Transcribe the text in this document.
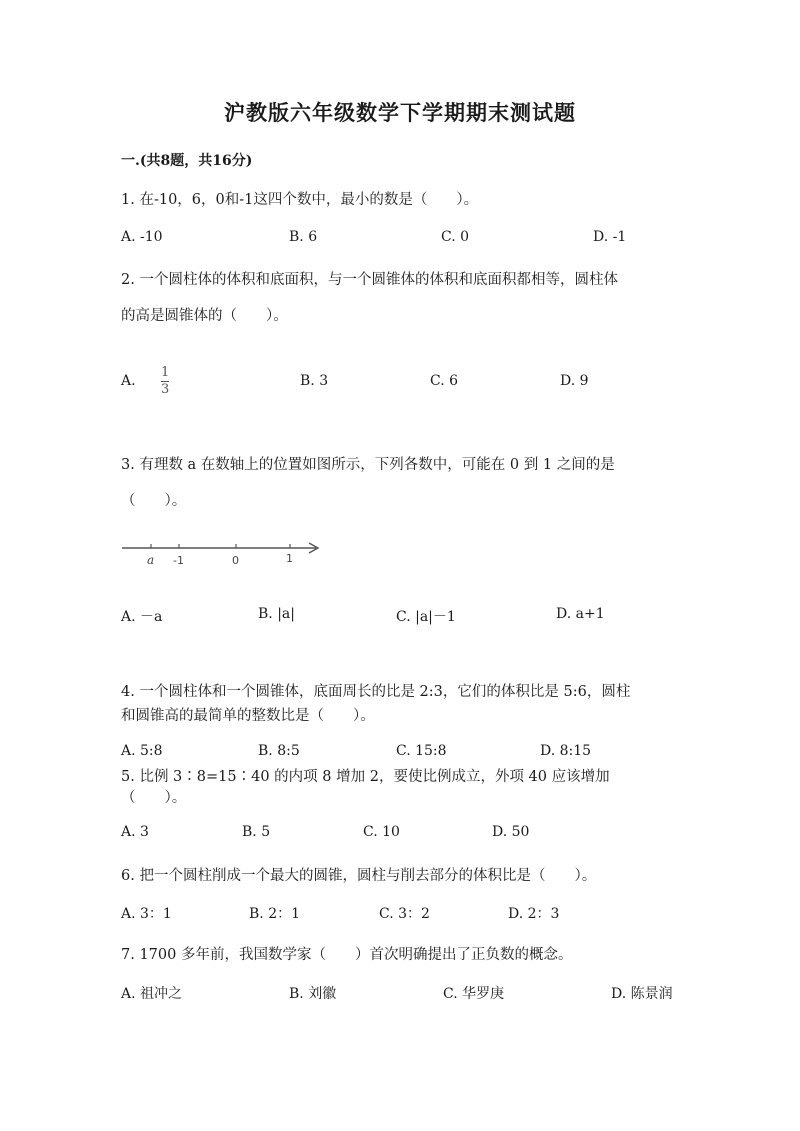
沪教版六年级数学下学期期末测试题
一.(共8题，共16分)
1. 在-10，6，0和-1这四个数中，最小的数是（　　）。
A. -10	B. 6	C. 0	D. -1
2. 一个圆柱体的体积和底面积，与一个圆锥体的体积和底面积都相等，圆柱体
的高是圆锥体的（　　）。
A.
1
3
B. 3	C. 6	D. 9
3. 有理数 a 在数轴上的位置如图所示，下列各数中，可能在 0 到 1 之间的是
（　　）。
a -1	0	1
A. －a	B. |a|	C. |a|－1	D. a+1
4. 一个圆柱体和一个圆锥体，底面周长的比是 2:3，它们的体积比是 5:6，圆柱
和圆锥高的最简单的整数比是（　　）。
A. 5:8	B. 8:5	C. 15:8	D. 8:15
5. 比例 3∶8=15∶40 的内项 8 增加 2，要使比例成立，外项 40 应该增加
（　　）。
A. 3	B. 5	C. 10	D. 50
6. 把一个圆柱削成一个最大的圆锥，圆柱与削去部分的体积比是（　　）。
A. 3：1	B. 2：1	C. 3：2	D. 2：3
7. 1700 多年前，我国数学家（　　）首次明确提出了正负数的概念。
A. 祖冲之	B. 刘徽	C. 华罗庚	D. 陈景润
